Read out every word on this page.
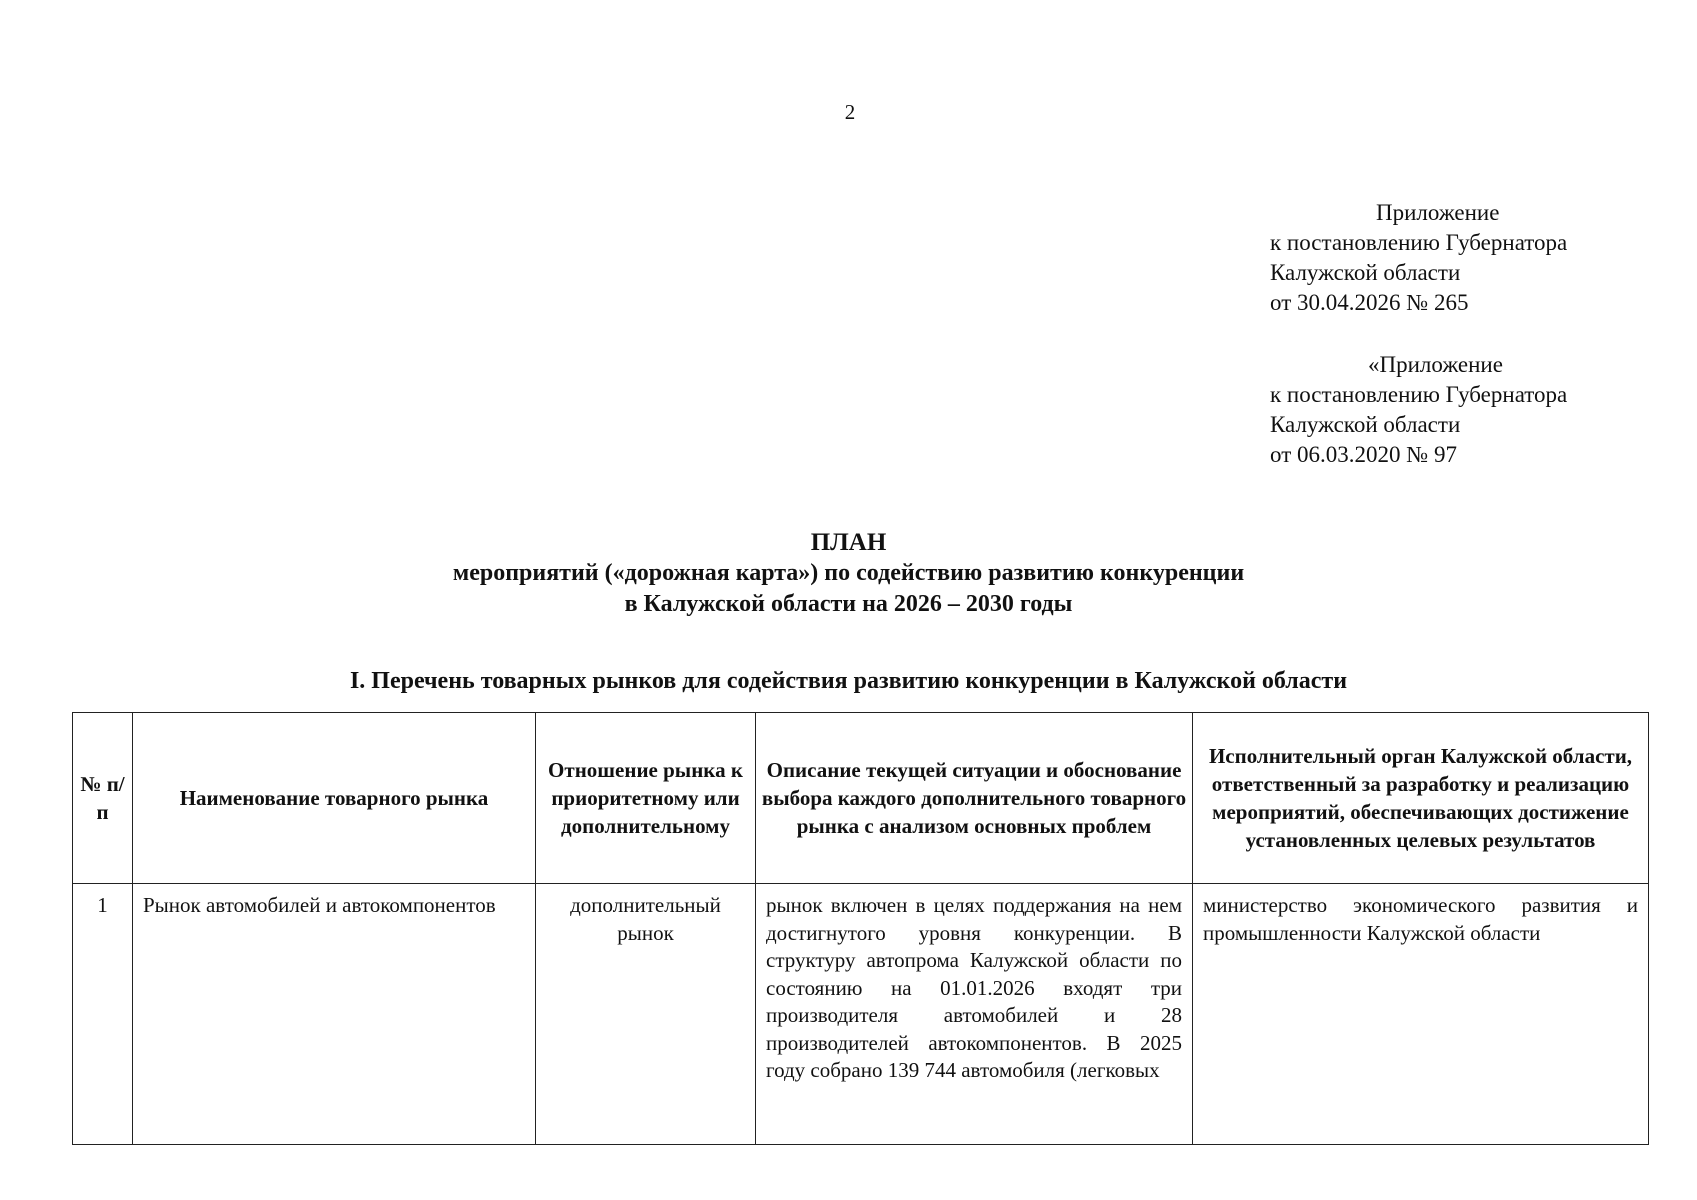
2
Приложение
к постановлению Губернатора
Калужской области
от 30.04.2026 № 265
«Приложение
к постановлению Губернатора
Калужской области
от 06.03.2020 № 97
ПЛАН
мероприятий («дорожная карта») по содействию развитию конкуренции
в Калужской области на 2026 – 2030 годы
I. Перечень товарных рынков для содействия развитию конкуренции в Калужской области
№ п/п	Наименование товарного рынка	Отношение рынка к приоритетному или дополнительному	Описание текущей ситуации и обоснование выбора каждого дополнительного товарного рынка с анализом основных проблем	Исполнительный орган Калужской области, ответственный за разработку и реализацию мероприятий, обеспечивающих достижение установленных целевых результатов
1	Рынок автомобилей и автокомпонентов	дополнительный рынок	рынок включен в целях поддержания на нем достигнутого уровня конкуренции. В структуру автопрома Калужской области по состоянию на 01.01.2026 входят три производителя автомобилей и 28 производителей автокомпонентов. В 2025 году собрано 139 744 автомобиля (легковых	министерство экономического развития и промышленности Калужской области
